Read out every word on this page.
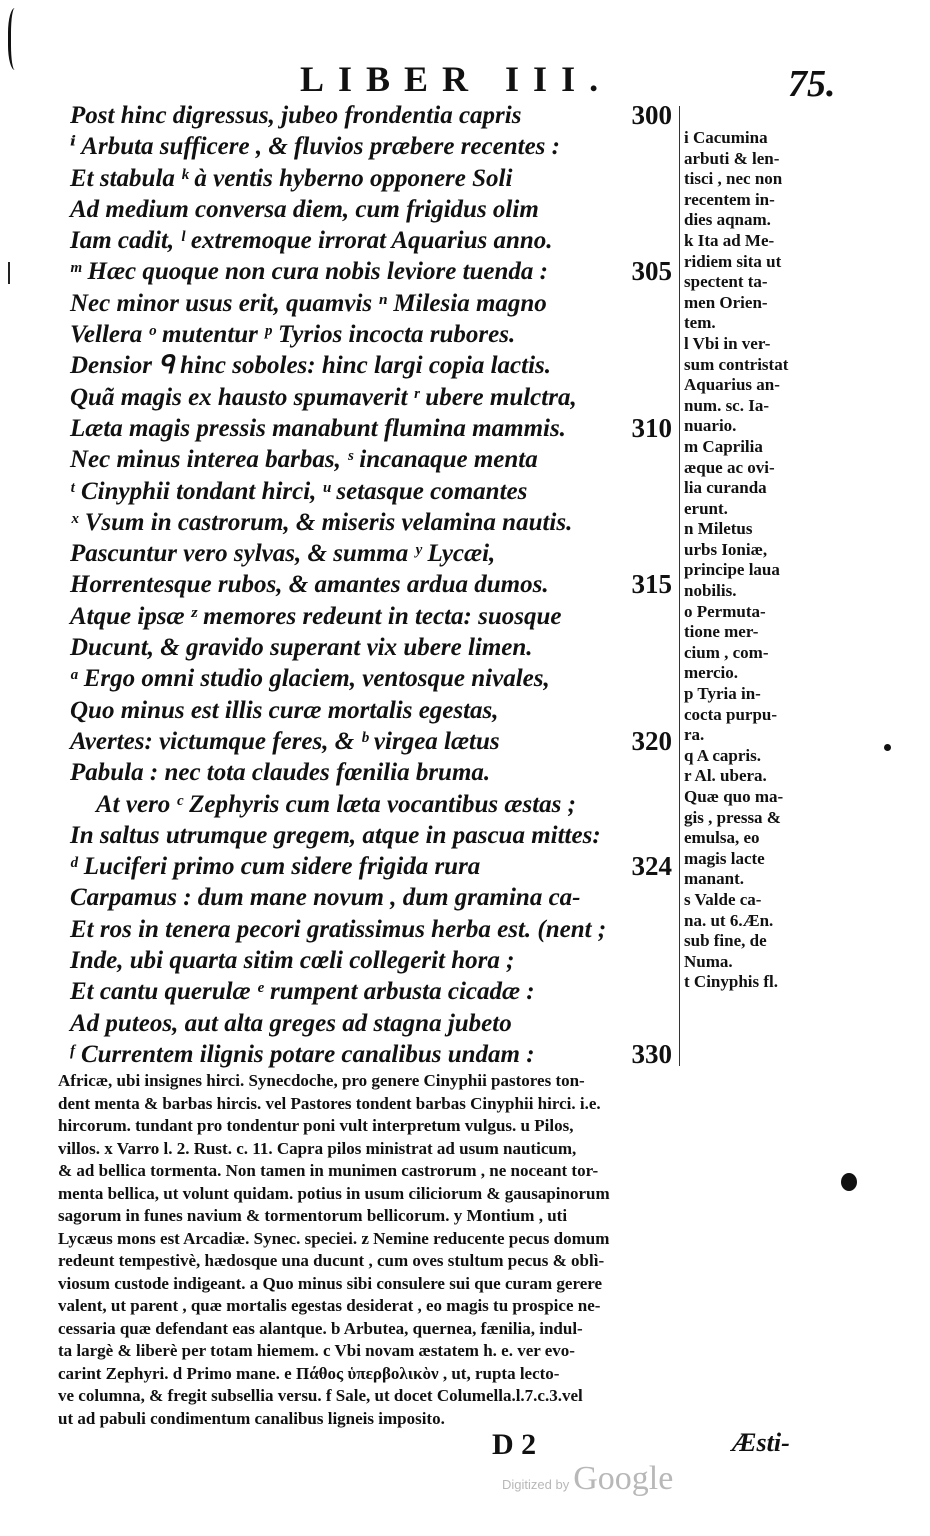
LIBER III.	75.
Post hinc digressus, jubeo frondentia capris	300
ⁱ Arbuta sufficere , & fluvios præbere recentes :
Et stabula ᵏ à ventis hyberno opponere Soli
Ad medium conversa diem, cum frigidus olim
Iam cadit, ˡ extremoque irrorat Aquarius anno.
ᵐ Hæc quoque non cura nobis leviore tuenda :	305
Nec minor usus erit, quamvis ⁿ Milesia magno
Vellera ᵒ mutentur ᵖ Tyrios incocta rubores.
Densior ᑫ hinc soboles: hinc largi copia lactis.
Quã magis ex hausto spumaverit ʳ ubere mulctra,
Læta magis pressis manabunt flumina mammis. 310
Nec minus interea barbas, ˢ incanaque menta
ᵗ Cinyphii tondant hirci, ᵘ setasque comantes
ˣ Vsum in castrorum, & miseris velamina nautis.
Pascuntur vero sylvas, & summa ʸ Lycæi,
Horrentesque rubos, & amantes ardua dumos.	315
Atque ipsæ ᶻ memores redeunt in tecta: suosque
Ducunt, & gravido superant vix ubere limen.
ᵃ Ergo omni studio glaciem, ventosque nivales,
Quo minus est illis curæ mortalis egestas,
Avertes: victumque feres, & ᵇ virgea lætus	320
Pabula : nec tota claudes fœnilia bruma.
At vero ᶜ Zephyris cum læta vocantibus æstas ;
In saltus utrumque gregem, atque in pascua mittes:
ᵈ Luciferi primo cum sidere frigida rura	324
Carpamus : dum mane novum , dum gramina ca-
Et ros in tenera pecori gratissimus herba est. (nent ;
Inde, ubi quarta sitim cœli collegerit hora ;
Et cantu querulæ ᵉ rumpent arbusta cicadæ :
Ad puteos, aut alta greges ad stagna jubeto
ᶠ Currentem ilignis potare canalibus undam :	330
i Cacumina
arbuti & len-
tisci , nec non
recentem in-
dies aqnam.
k Ita ad Me-
ridiem sita ut
spectent ta-
men Orien-
tem.
l Vbi in ver-
sum contristat
Aquarius an-
num. sc. Ia-
nuario.
m Caprilia
æque ac ovi-
lia curanda
erunt.
n Miletus
urbs Ioniæ,
principe laua
nobilis.
o Permuta-
tione mer-
cium , com-
mercio.
p Tyria in-
cocta purpu-
ra.
q A capris.
r Al. ubera.
Quæ quo ma-
gis , pressa &
emulsa, eo
magis lacte
manant.
s Valde ca-
na. ut 6.Æn.
sub fine, de
Numa.
t Cinyphis fl.
Africæ, ubi insignes hirci. Synecdoche, pro genere Cinyphii pastores ton-
dent menta & barbas hircis. vel Pastores tondent barbas Cinyphii hirci. i.e.
hircorum. tundant pro tondentur poni vult interpretum vulgus. u Pilos,
villos. x Varro l. 2. Rust. c. 11. Capra pilos ministrat ad usum nauticum,
& ad bellica tormenta. Non tamen in munimen castrorum , ne noceant tor-
menta bellica, ut volunt quidam. potius in usum ciliciorum & gausapinorum
sagorum in funes navium & tormentorum bellicorum. y Montium , uti
Lycæus mons est Arcadiæ. Synec. speciei. z Nemine reducente pecus domum
redeunt tempestivè, hædosque una ducunt , cum oves stultum pecus & oblì-
viosum custode indigeant. a Quo minus sibi consulere sui que curam gerere
valent, ut parent , quæ mortalis egestas desiderat , eo magis tu prospice ne-
cessaria quæ defendant eas alantque. b Arbutea, quernea, fænilia, indul-
ta largè & liberè per totam hiemem. c Vbi novam æstatem h. e. ver evo-
carint Zephyri. d Primo mane. e Πάθος ὑπερβολικὸν , ut, rupta lecto-
ve columna, & fregit subsellia versu. f Sale, ut docet Columella.l.7.c.3.vel
ut ad pabuli condimentum canalibus ligneis imposito.
D 2	Æsti-
Digitized by Google
